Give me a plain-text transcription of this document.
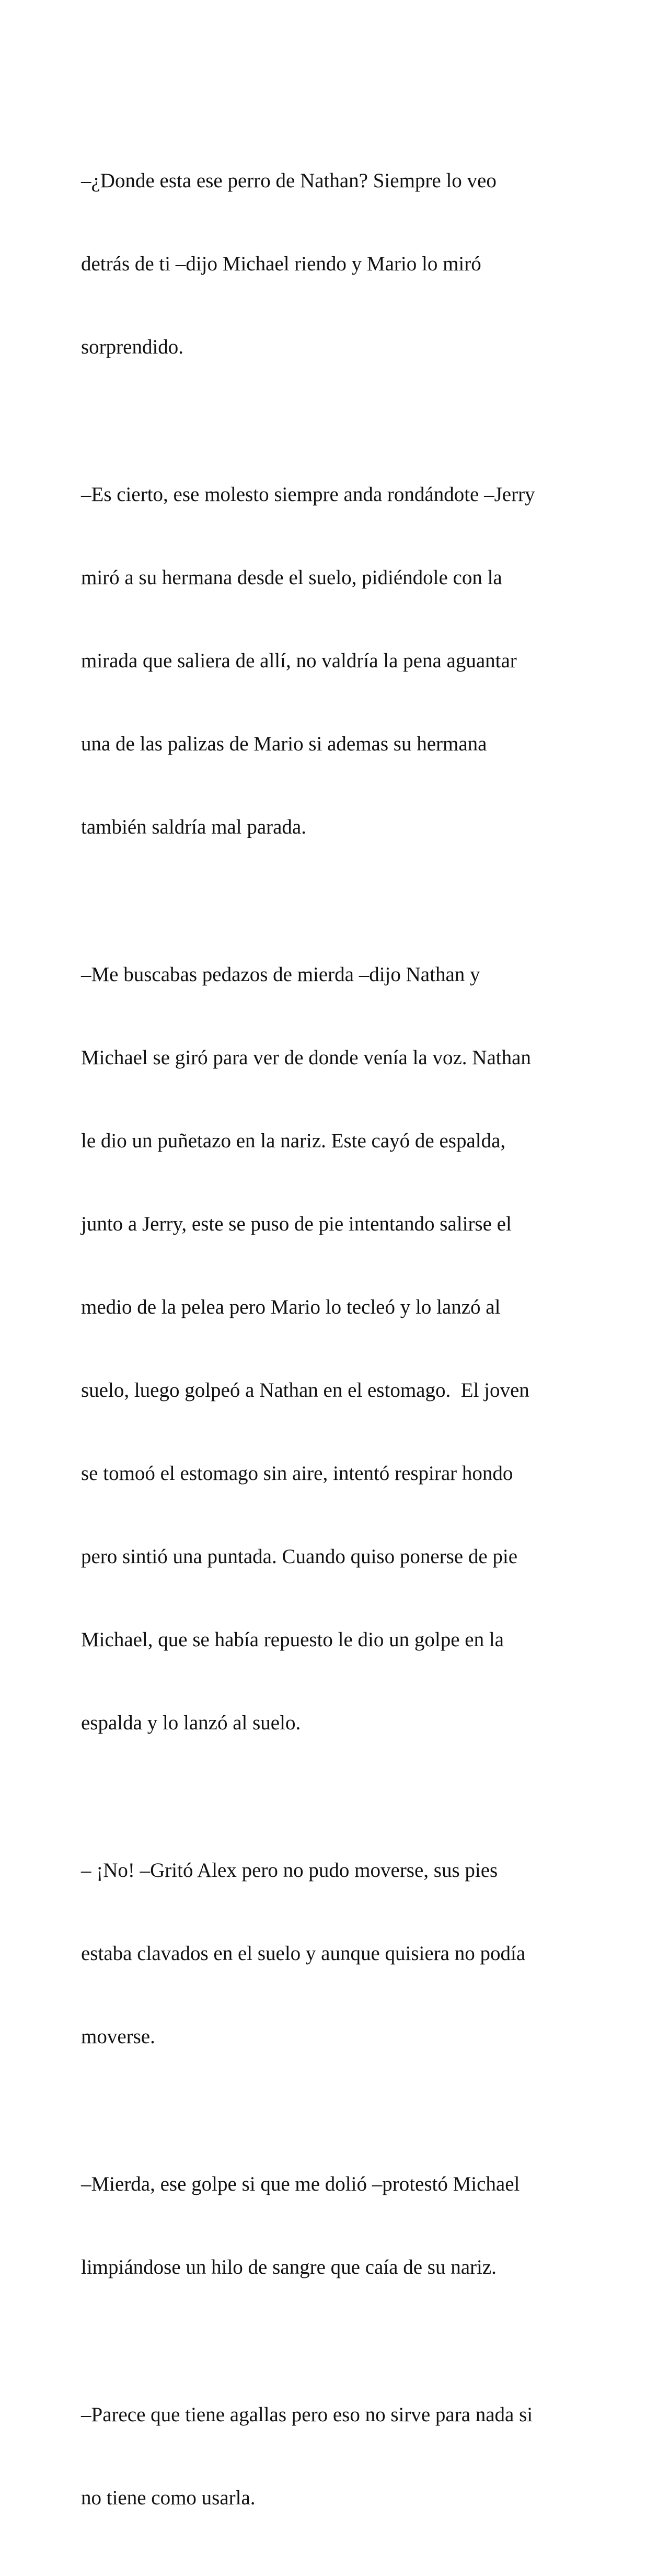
–¿Donde esta ese perro de Nathan? Siempre lo veo

detrás de ti –dijo Michael riendo y Mario lo miró

sorprendido.

–Es cierto, ese molesto siempre anda rondándote –Jerry

miró a su hermana desde el suelo, pidiéndole con la

mirada que saliera de allí, no valdría la pena aguantar

una de las palizas de Mario si ademas su hermana

también saldría mal parada.

–Me buscabas pedazos de mierda –dijo Nathan y

Michael se giró para ver de donde venía la voz. Nathan

le dio un puñetazo en la nariz. Este cayó de espalda,

junto a Jerry, este se puso de pie intentando salirse el

medio de la pelea pero Mario lo tecleó y lo lanzó al

suelo, luego golpeó a Nathan en el estomago.  El joven

se tomoó el estomago sin aire, intentó respirar hondo

pero sintió una puntada. Cuando quiso ponerse de pie

Michael, que se había repuesto le dio un golpe en la

espalda y lo lanzó al suelo.

– ¡No! –Gritó Alex pero no pudo moverse, sus pies

estaba clavados en el suelo y aunque quisiera no podía

moverse.

–Mierda, ese golpe si que me dolió –protestó Michael

limpiándose un hilo de sangre que caía de su nariz.

–Parece que tiene agallas pero eso no sirve para nada si

no tiene como usarla.
